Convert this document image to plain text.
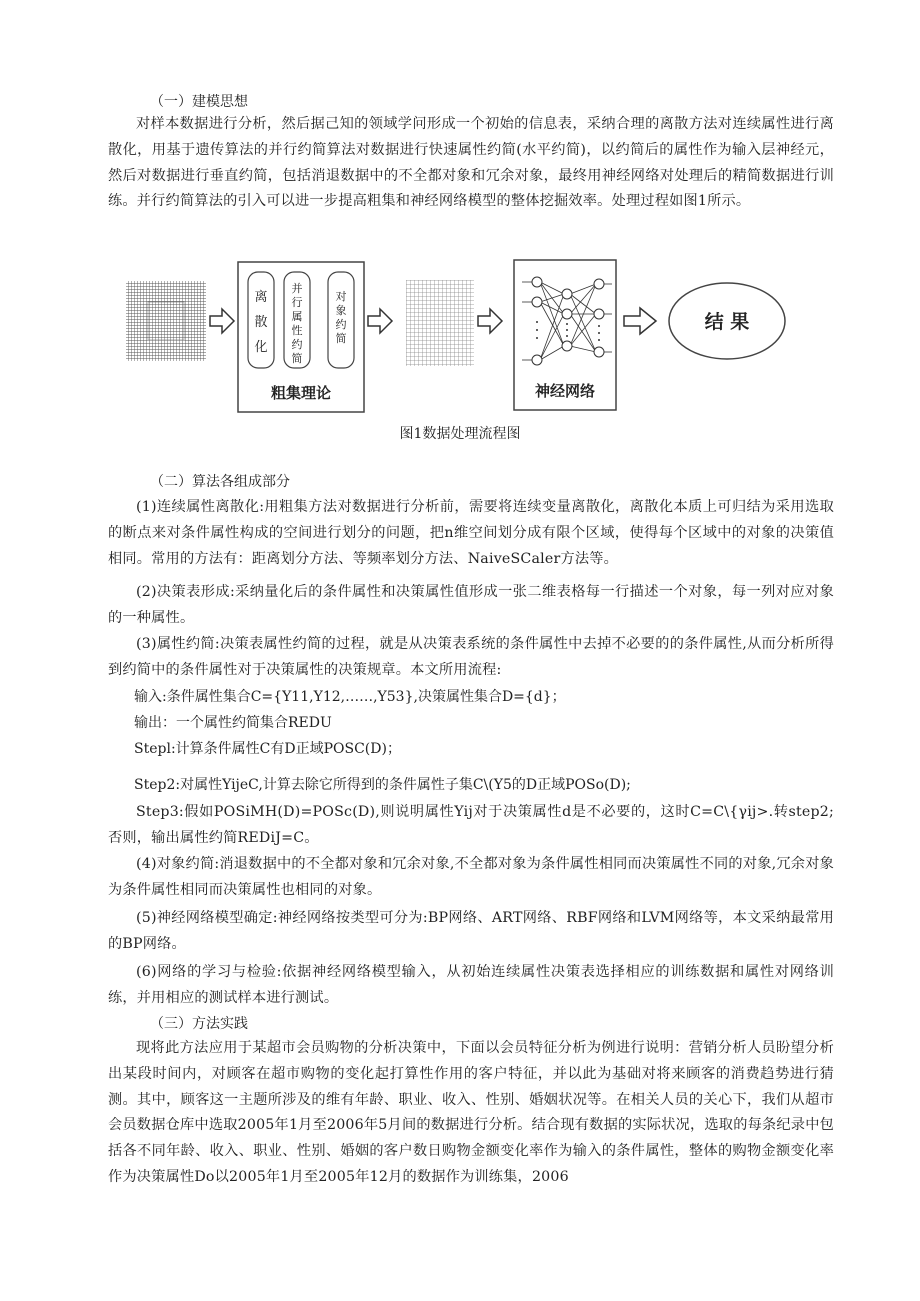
（一）建模思想
对样本数据进行分析，然后据己知的领域学问形成一个初始的信息表，采纳合理的离散方法对连续属性进行离散化，用基于遗传算法的并行约简算法对数据进行快速属性约简(水平约简)，以约简后的属性作为输入层神经元，然后对数据进行垂直约简，包括消退数据中的不全都对象和冗余对象，最终用神经网络对处理后的精简数据进行训练。并行约简算法的引入可以进一步提高粗集和神经网络模型的整体挖掘效率。处理过程如图1所示。
离
散
化
并
行
属
性
约
简
对
象
约
简
粗集理论	神经网络
结 果
图1数据处理流程图
（二）算法各组成部分
(1)连续属性离散化:用粗集方法对数据进行分析前，需要将连续变量离散化，离散化本质上可归结为采用选取的断点来对条件属性构成的空间进行划分的问题，把n维空间划分成有限个区域，使得每个区域中的对象的决策值相同。常用的方法有：距离划分方法、等频率划分方法、NaiveSCaler方法等。
(2)决策表形成:采纳量化后的条件属性和决策属性值形成一张二维表格每一行描述一个对象，每一列对应对象的一种属性。
(3)属性约简:决策表属性约简的过程，就是从决策表系统的条件属性中去掉不必要的的条件属性,从而分析所得到约简中的条件属性对于决策属性的决策规章。本文所用流程:
输入:条件属性集合C={Y11,Y12,……,Y53},决策属性集合D={d}；
输出：一个属性约简集合REDU
Stepl:计算条件属性C有D正域POSC(D)；
Step2:对属性YijeC,计算去除它所得到的条件属性子集C\(Y5的D正域POSo(D);
Step3:假如POSiMH(D)=POSc(D),则说明属性Yij对于决策属性d是不必要的，这时C=C\{γij>.转step2;否则，输出属性约简REDiJ=C。
(4)对象约简:消退数据中的不全都对象和冗余对象,不全都对象为条件属性相同而决策属性不同的对象,冗余对象为条件属性相同而决策属性也相同的对象。
(5)神经网络模型确定:神经网络按类型可分为:BP网络、ART网络、RBF网络和LVM网络等，本文采纳最常用的BP网络。
(6)网络的学习与检验:依据神经网络模型输入，从初始连续属性决策表选择相应的训练数据和属性对网络训练，并用相应的测试样本进行测试。
（三）方法实践
现将此方法应用于某超市会员购物的分析决策中，下面以会员特征分析为例进行说明：营销分析人员盼望分析出某段时间内，对顾客在超市购物的变化起打算性作用的客户特征，并以此为基础对将来顾客的消费趋势进行猜测。其中，顾客这一主题所涉及的维有年龄、职业、收入、性别、婚姻状况等。在相关人员的关心下，我们从超市会员数据仓库中选取2005年1月至2006年5月间的数据进行分析。结合现有数据的实际状况，选取的每条纪录中包括各不同年龄、收入、职业、性别、婚姻的客户数日购物金额变化率作为输入的条件属性，整体的购物金额变化率作为决策属性Do以2005年1月至2005年12月的数据作为训练集，2006
